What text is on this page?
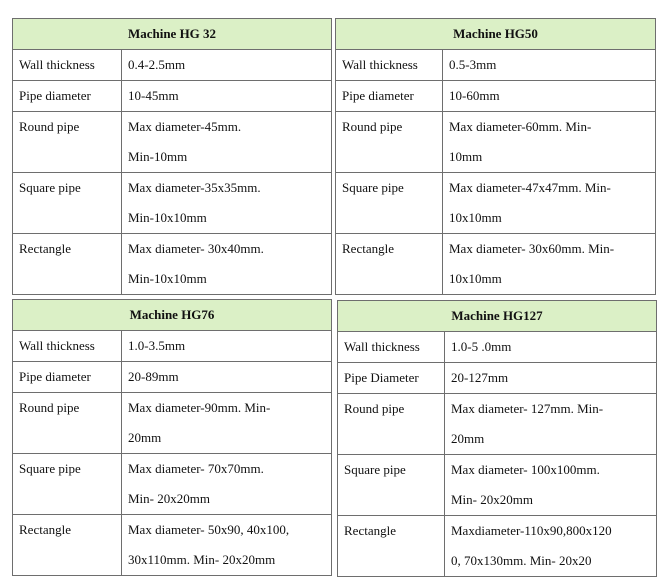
Machine HG 32	
Wall thickness	0.4-2.5mm

Pipe diameter	10-45mm

Round pipe	Max diameter-45mm.
Min-10mm

Square pipe	Max diameter-35x35mm.
Min-10x10mm

Rectangle	Max diameter- 30x40mm.
Min-10x10mm
Machine HG50	
Wall thickness	0.5-3mm

Pipe diameter	10-60mm

Round pipe	Max diameter-60mm. Min-
10mm

Square pipe	Max diameter-47x47mm. Min-
10x10mm

Rectangle	Max diameter- 30x60mm. Min-
10x10mm
Machine HG76	
Wall thickness	1.0-3.5mm

Pipe diameter	20-89mm

Round pipe	Max diameter-90mm. Min-
20mm

Square pipe	Max diameter- 70x70mm.
Min- 20x20mm

Rectangle	Max diameter- 50x90, 40x100,
30x110mm. Min- 20x20mm
Machine HG127	
Wall thickness	1.0-5 .0mm

Pipe Diameter	20-127mm

Round pipe	Max diameter- 127mm. Min-
20mm

Square pipe	Max diameter- 100x100mm.
Min- 20x20mm

Rectangle	Maxdiameter-110x90,800x120
0, 70x130mm. Min- 20x20
